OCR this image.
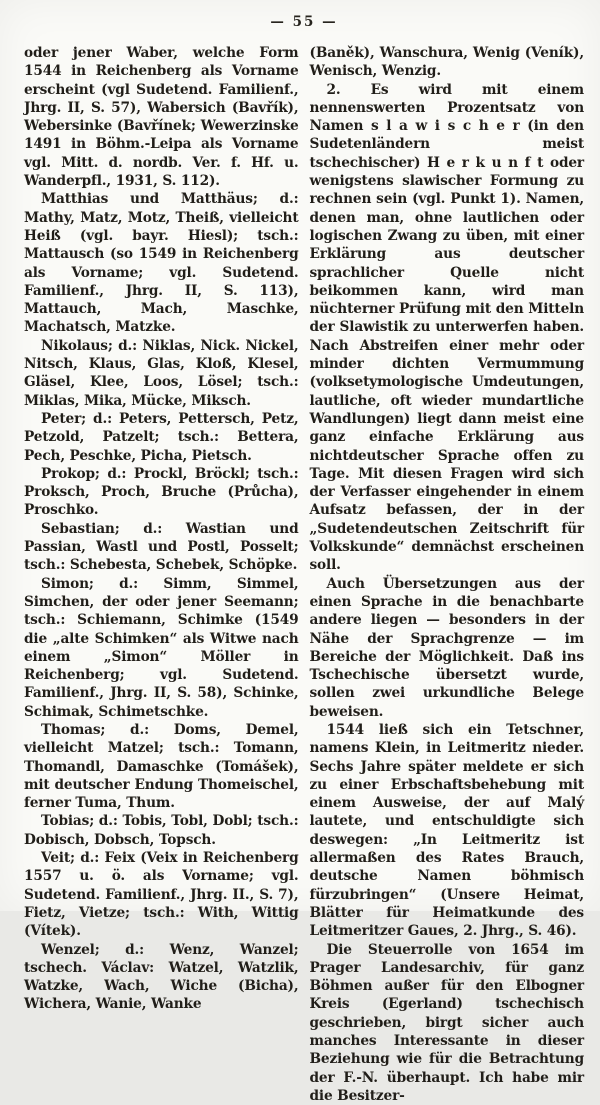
— 55 —

oder jener Waber, welche Form 1544 in Reichenberg als Vorname erscheint (vgl Sudetend. Familienf., Jhrg. II, S. 57), Wabersich (Bavřík), Webersinke (Bavřínek; Wewerzinske 1491 in Böhm.-Leipa als Vorname vgl. Mitt. d. nordb. Ver. f. Hf. u. Wanderpfl., 1931, S. 112).

Matthias und Matthäus; d.: Mathy, Matz, Motz, Theiß, vielleicht Heiß (vgl. bayr. Hiesl); tsch.: Mattausch (so 1549 in Reichenberg als Vorname; vgl. Sudetend. Familienf., Jhrg. II, S. 113), Mattauch, Mach, Maschke, Machatsch, Matzke.

Nikolaus; d.: Niklas, Nick. Nickel, Nitsch, Klaus, Glas, Kloß, Klesel, Gläsel, Klee, Loos, Lösel; tsch.: Miklas, Mika, Mücke, Miksch.

Peter; d.: Peters, Pettersch, Petz, Petzold, Patzelt; tsch.: Bettera, Pech, Peschke, Picha, Pietsch.

Prokop; d.: Prockl, Bröckl; tsch.: Proksch, Proch, Bruche (Průcha), Proschko.

Sebastian; d.: Wastian und Passian, Wastl und Postl, Posselt; tsch.: Schebesta, Schebek, Schöpke.

Simon; d.: Simm, Simmel, Simchen, der oder jener Seemann; tsch.: Schiemann, Schimke (1549 die „alte Schimken“ als Witwe nach einem „Simon“ Möller in Reichenberg; vgl. Sudetend. Familienf., Jhrg. II, S. 58), Schinke, Schimak, Schimetschke.

Thomas; d.: Doms, Demel, vielleicht Matzel; tsch.: Tomann, Thomandl, Damaschke (Tomášek), mit deutscher Endung Thomeischel, ferner Tuma, Thum.

Tobias; d.: Tobis, Tobl, Dobl; tsch.: Dobisch, Dobsch, Topsch.

Veit; d.: Feix (Veix in Reichenberg 1557 u. ö. als Vorname; vgl. Sudetend. Familienf., Jhrg. II., S. 7), Fietz, Vietze; tsch.: With, Wittig (Vítek).

Wenzel; d.: Wenz, Wanzel; tschech. Václav: Watzel, Watzlik, Watzke, Wach, Wiche (Bicha), Wichera, Wanie, Wanke

(Baněk), Wanschura, Wenig (Veník), Wenisch, Wenzig.

2. Es wird mit einem nennenswerten Prozentsatz von Namen s l a w i s c h e r (in den Sudetenländern meist tschechischer) H e r k u n f t oder wenigstens slawischer Formung zu rechnen sein (vgl. Punkt 1). Namen, denen man, ohne lautlichen oder logischen Zwang zu üben, mit einer Erklärung aus deutscher sprachlicher Quelle nicht beikommen kann, wird man nüchterner Prüfung mit den Mitteln der Slawistik zu unterwerfen haben. Nach Abstreifen einer mehr oder minder dichten Vermummung (volksetymologische Umdeutungen, lautliche, oft wieder mundartliche Wandlungen) liegt dann meist eine ganz einfache Erklärung aus nichtdeutscher Sprache offen zu Tage. Mit diesen Fragen wird sich der Verfasser eingehender in einem Aufsatz befassen, der in der „Sudetendeutschen Zeitschrift für Volkskunde“ demnächst erscheinen soll.

Auch Übersetzungen aus der einen Sprache in die benachbarte andere liegen — besonders in der Nähe der Sprachgrenze — im Bereiche der Möglichkeit. Daß ins Tschechische übersetzt wurde, sollen zwei urkundliche Belege beweisen.

1544 ließ sich ein Tetschner, namens Klein, in Leitmeritz nieder. Sechs Jahre später meldete er sich zu einer Erbschaftsbehebung mit einem Ausweise, der auf Malý lautete, und entschuldigte sich deswegen: „In Leitmeritz ist allermaßen des Rates Brauch, deutsche Namen böhmisch fürzubringen“ (Unsere Heimat, Blätter für Heimatkunde des Leitmeritzer Gaues, 2. Jhrg., S. 46).

Die Steuerrolle von 1654 im Prager Landesarchiv, für ganz Böhmen außer für den Elbogner Kreis (Egerland) tschechisch geschrieben, birgt sicher auch manches Interessante in dieser Beziehung wie für die Betrachtung der F.-N. überhaupt. Ich habe mir die Besitzer-
